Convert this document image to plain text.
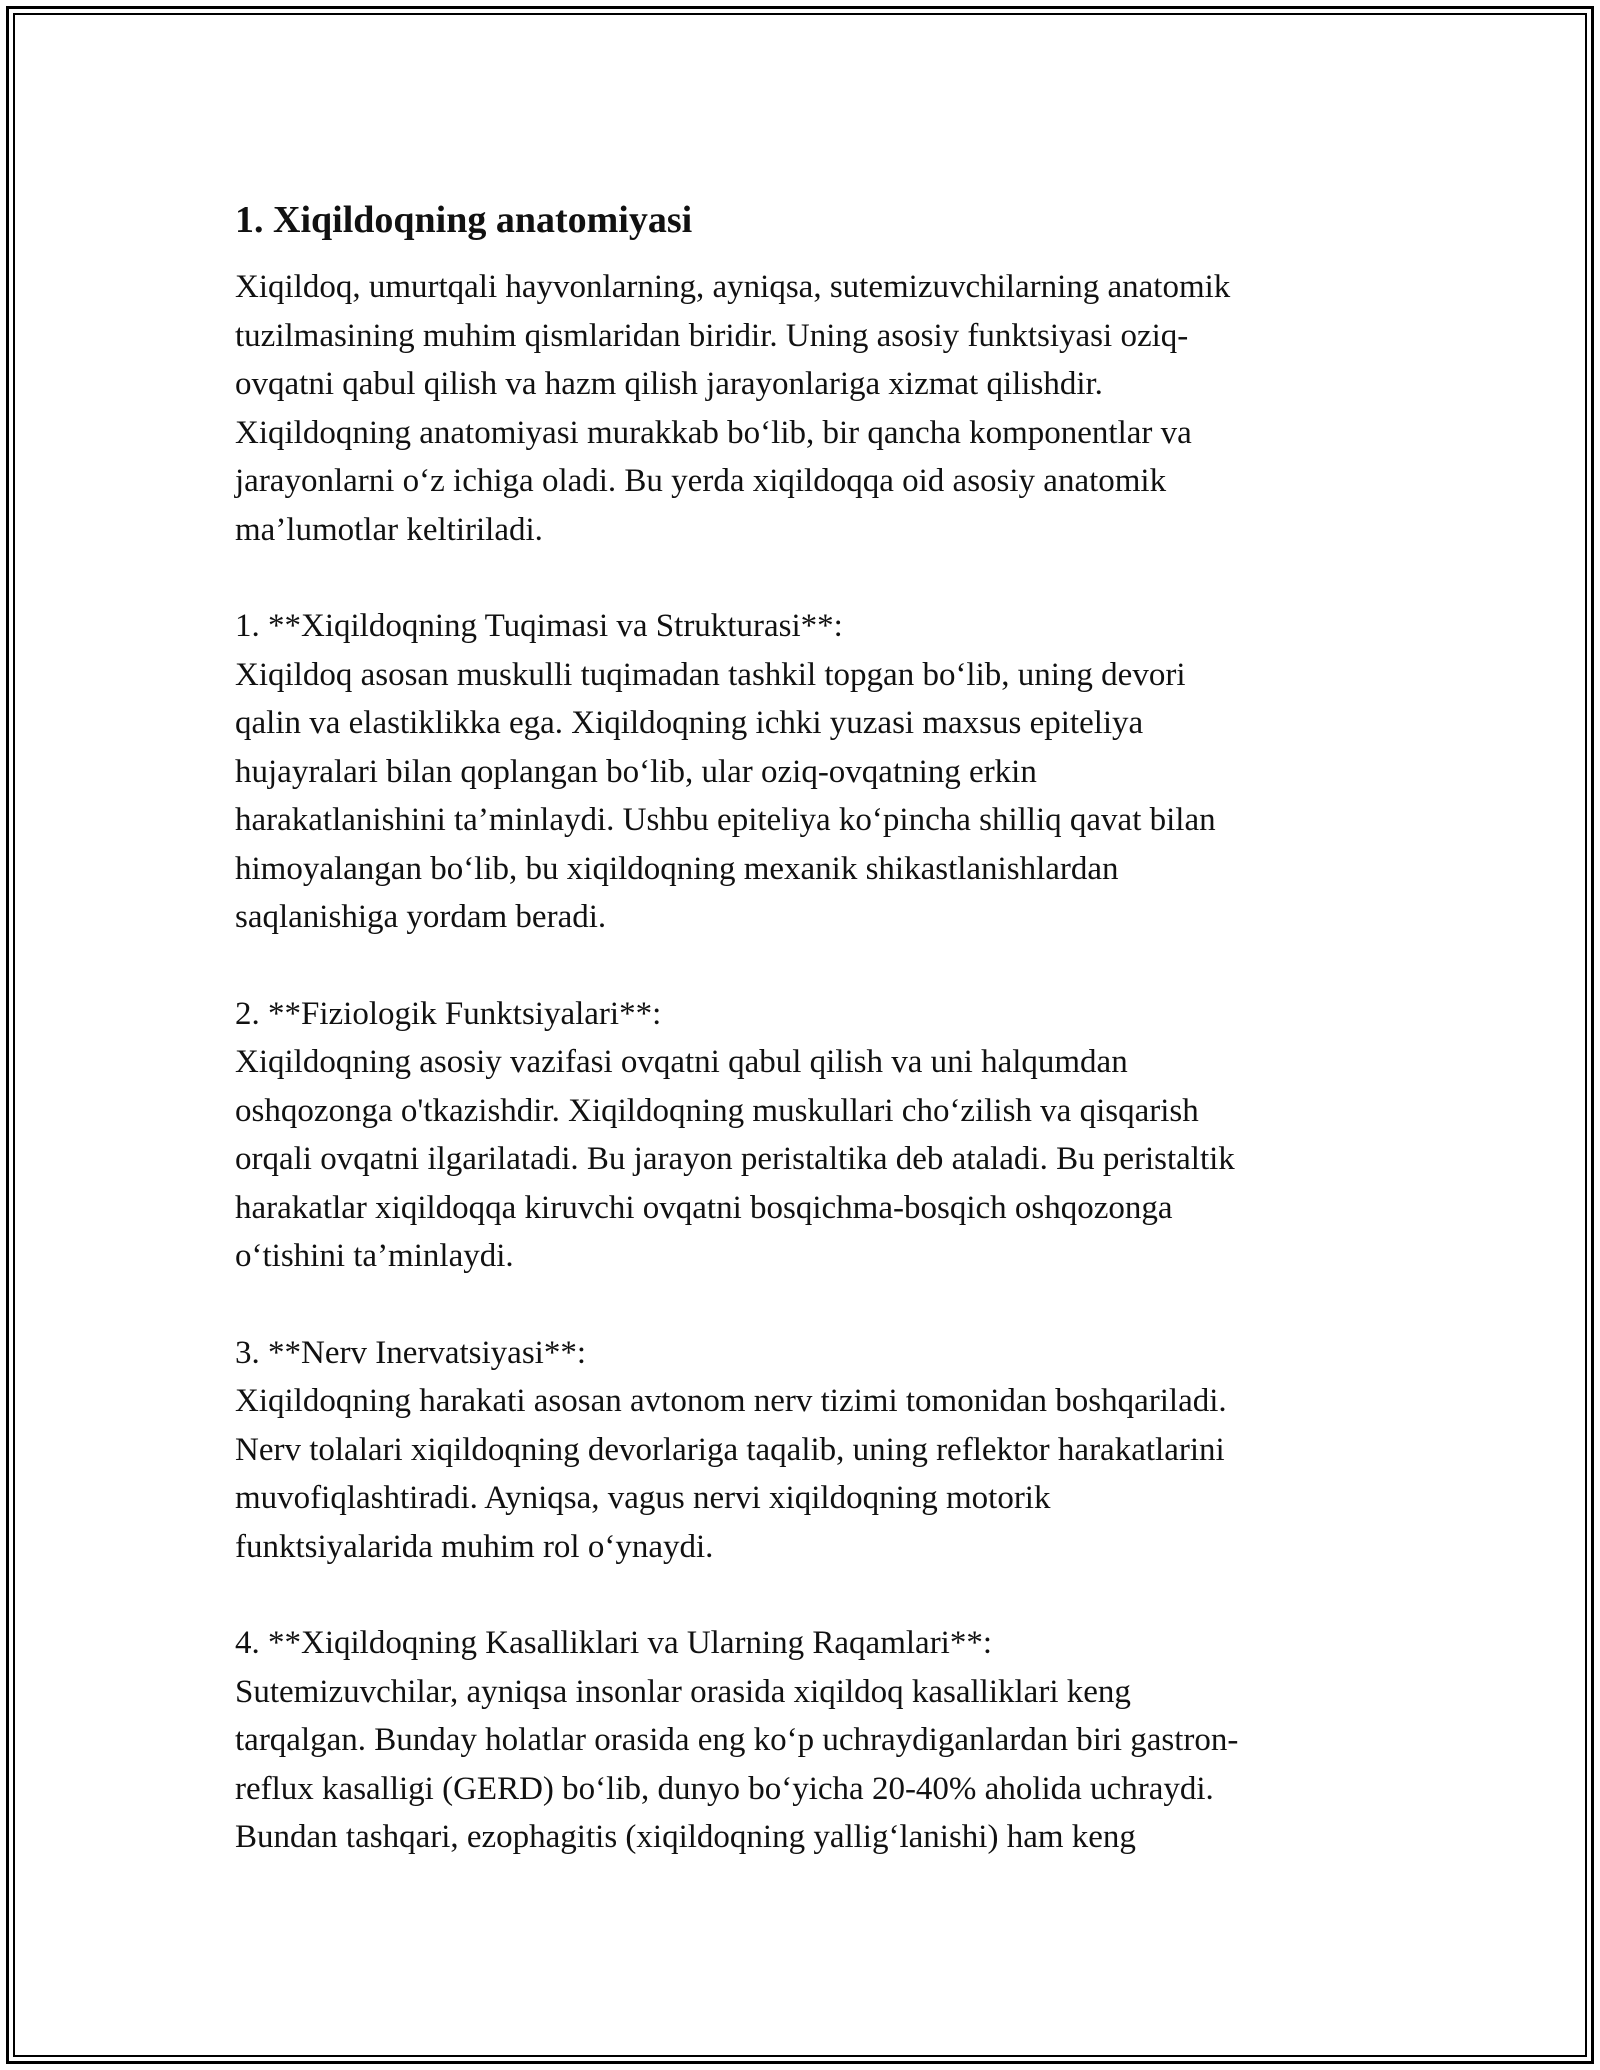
1. Xiqildoqning anatomiyasi

Xiqildoq, umurtqali hayvonlarning, ayniqsa, sutemizuvchilarning anatomik
tuzilmasining muhim qismlaridan biridir. Uning asosiy funktsiyasi oziq-
ovqatni qabul qilish va hazm qilish jarayonlariga xizmat qilishdir.
Xiqildoqning anatomiyasi murakkab bo‘lib, bir qancha komponentlar va
jarayonlarni o‘z ichiga oladi. Bu yerda xiqildoqqa oid asosiy anatomik
ma’lumotlar keltiriladi.

1. **Xiqildoqning Tuqimasi va Strukturasi**:

Xiqildoq asosan muskulli tuqimadan tashkil topgan bo‘lib, uning devori
qalin va elastiklikka ega. Xiqildoqning ichki yuzasi maxsus epiteliya
hujayralari bilan qoplangan bo‘lib, ular oziq-ovqatning erkin
harakatlanishini ta’minlaydi. Ushbu epiteliya ko‘pincha shilliq qavat bilan
himoyalangan bo‘lib, bu xiqildoqning mexanik shikastlanishlardan
saqlanishiga yordam beradi.

2. **Fiziologik Funktsiyalari**:

Xiqildoqning asosiy vazifasi ovqatni qabul qilish va uni halqumdan
oshqozonga o'tkazishdir. Xiqildoqning muskullari cho‘zilish va qisqarish
orqali ovqatni ilgarilatadi. Bu jarayon peristaltika deb ataladi. Bu peristaltik
harakatlar xiqildoqqa kiruvchi ovqatni bosqichma-bosqich oshqozonga
o‘tishini ta’minlaydi.

3. **Nerv Inervatsiyasi**:

Xiqildoqning harakati asosan avtonom nerv tizimi tomonidan boshqariladi.
Nerv tolalari xiqildoqning devorlariga taqalib, uning reflektor harakatlarini
muvofiqlashtiradi. Ayniqsa, vagus nervi xiqildoqning motorik
funktsiyalarida muhim rol o‘ynaydi.

4. **Xiqildoqning Kasalliklari va Ularning Raqamlari**:

Sutemizuvchilar, ayniqsa insonlar orasida xiqildoq kasalliklari keng
tarqalgan. Bunday holatlar orasida eng ko‘p uchraydiganlardan biri gastron-
reflux kasalligi (GERD) bo‘lib, dunyo bo‘yicha 20-40% aholida uchraydi.
Bundan tashqari, ezophagitis (xiqildoqning yallig‘lanishi) ham keng
